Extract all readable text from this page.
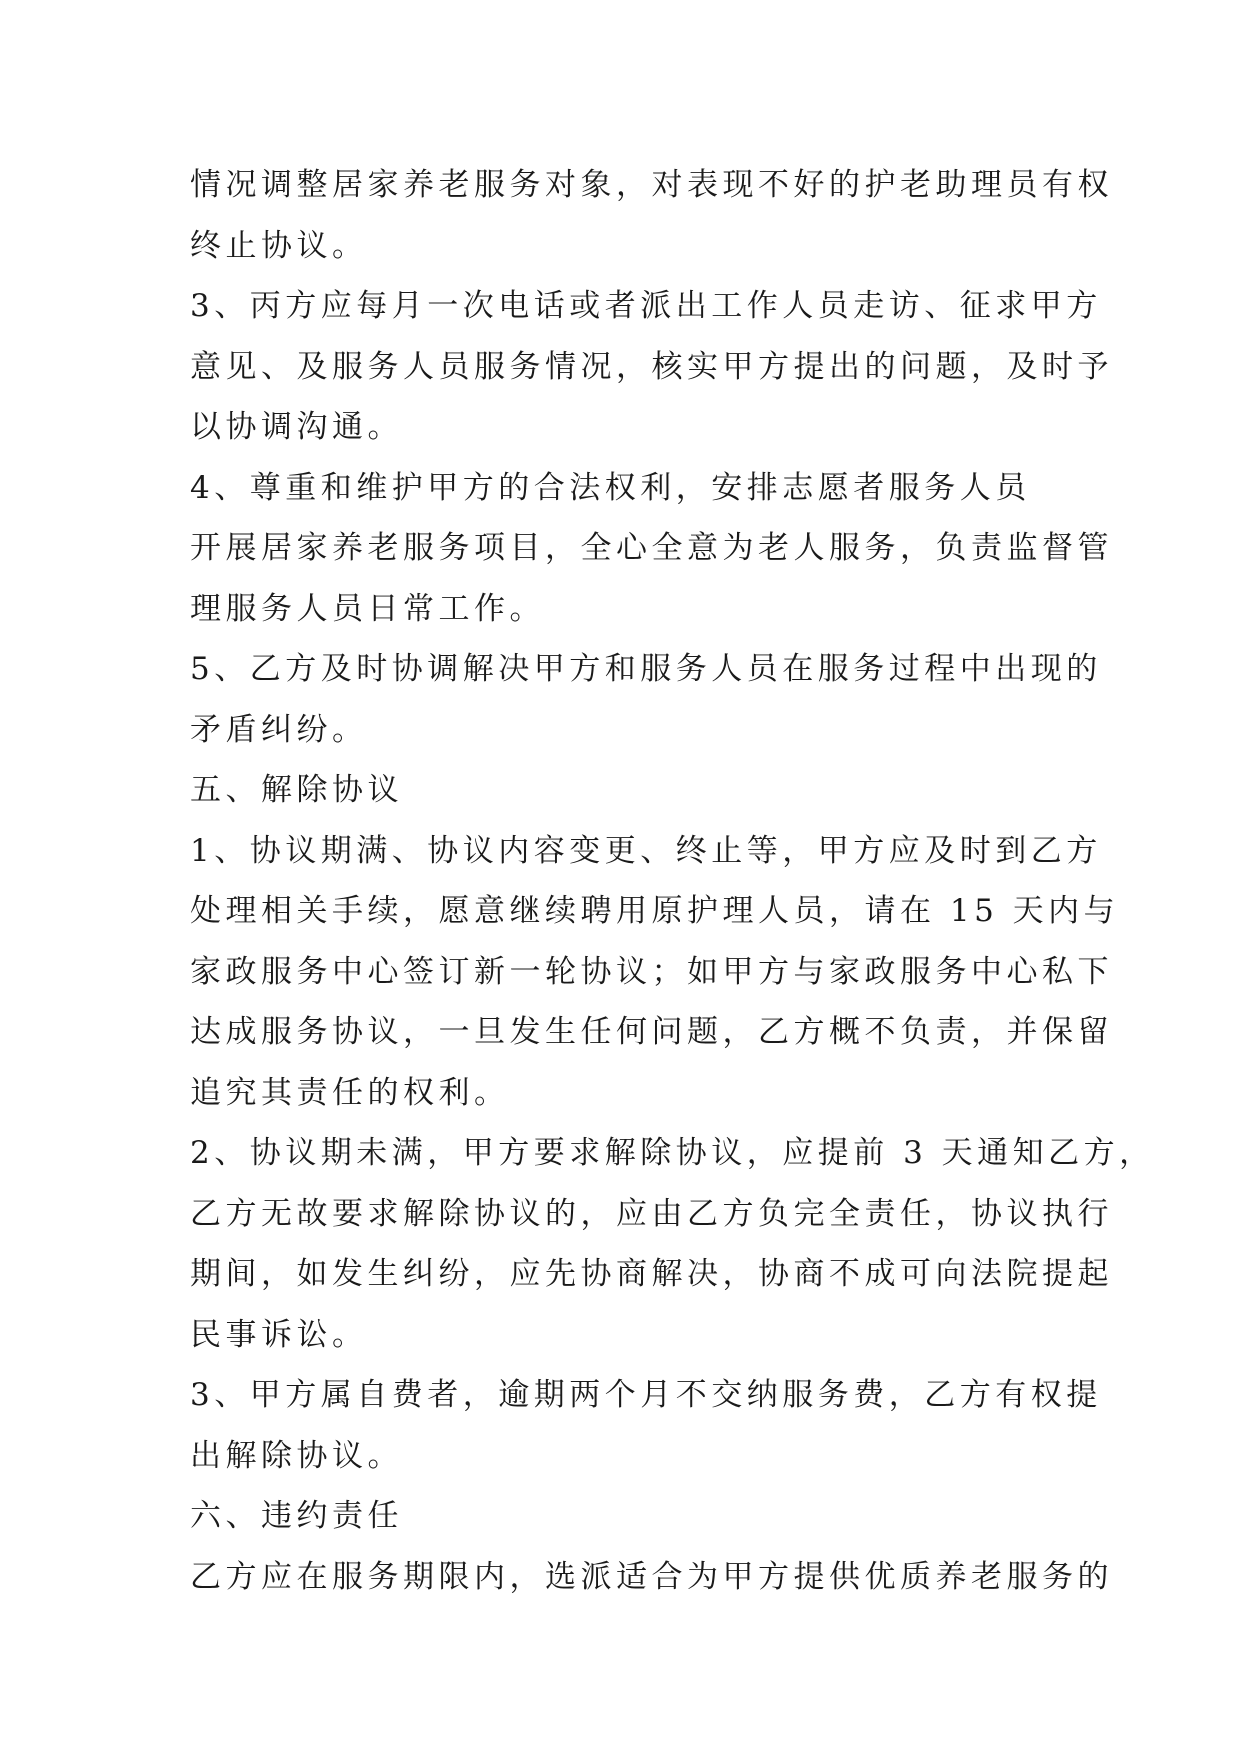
情况调整居家养老服务对象，对表现不好的护老助理员有权
终止协议。
3、丙方应每月一次电话或者派出工作人员走访、征求甲方
意见、及服务人员服务情况，核实甲方提出的问题，及时予
以协调沟通。
4、尊重和维护甲方的合法权利，安排志愿者服务人员
开展居家养老服务项目，全心全意为老人服务，负责监督管
理服务人员日常工作。
5、乙方及时协调解决甲方和服务人员在服务过程中出现的
矛盾纠纷。
五、解除协议
1、协议期满、协议内容变更、终止等，甲方应及时到乙方
处理相关手续，愿意继续聘用原护理人员，请在 15 天内与
家政服务中心签订新一轮协议；如甲方与家政服务中心私下
达成服务协议，一旦发生任何问题，乙方概不负责，并保留
追究其责任的权利。
2、协议期未满，甲方要求解除协议，应提前 3 天通知乙方，
乙方无故要求解除协议的，应由乙方负完全责任，协议执行
期间，如发生纠纷，应先协商解决，协商不成可向法院提起
民事诉讼。
3、甲方属自费者，逾期两个月不交纳服务费，乙方有权提
出解除协议。
六、违约责任
乙方应在服务期限内，选派适合为甲方提供优质养老服务的
